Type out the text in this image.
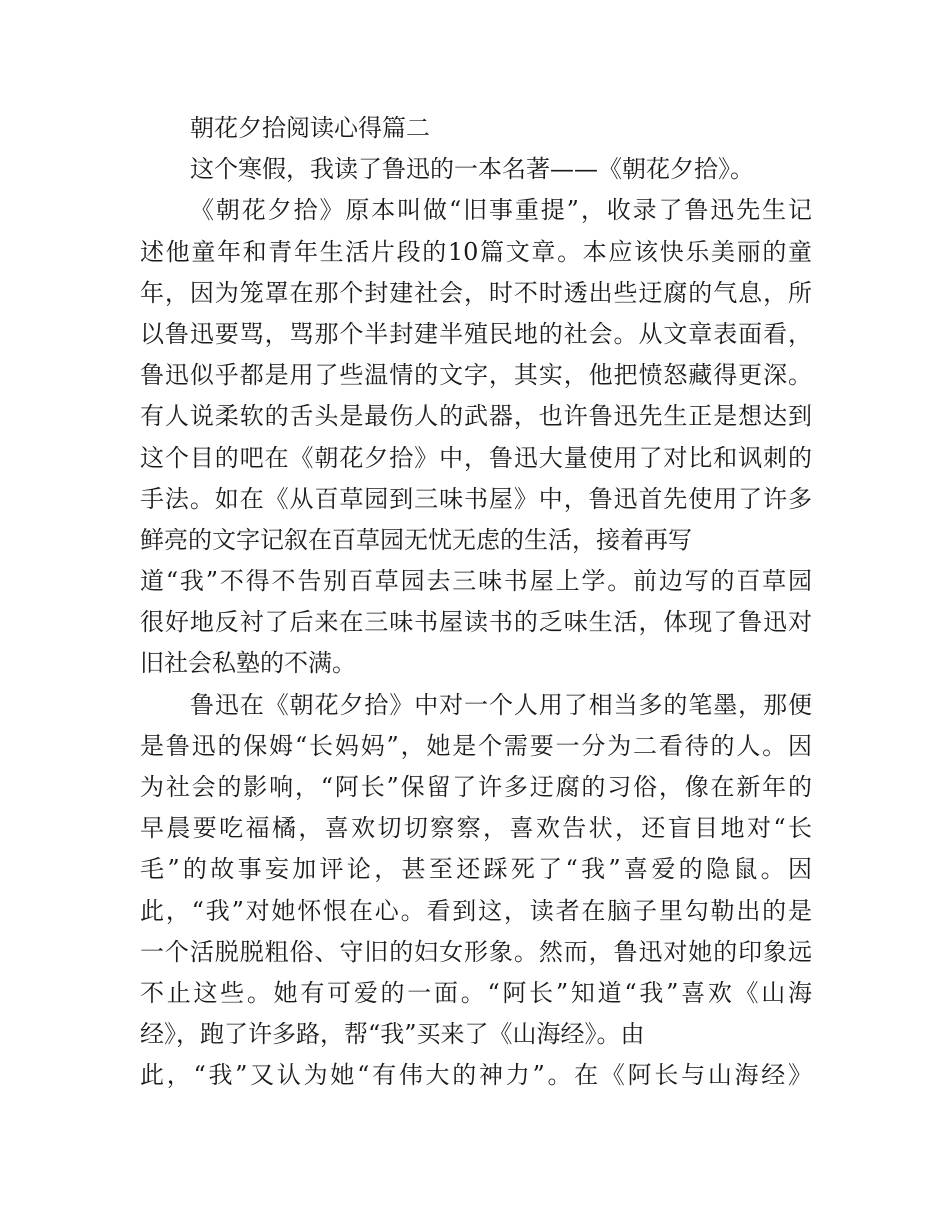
朝花夕拾阅读心得篇二
这个寒假，我读了鲁迅的一本名著——《朝花夕拾》。
《朝花夕拾》原本叫做“旧事重提”，收录了鲁迅先生记
述他童年和青年生活片段的10篇文章。本应该快乐美丽的童
年，因为笼罩在那个封建社会，时不时透出些迂腐的气息，所
以鲁迅要骂，骂那个半封建半殖民地的社会。从文章表面看，
鲁迅似乎都是用了些温情的文字，其实，他把愤怒藏得更深。
有人说柔软的舌头是最伤人的武器，也许鲁迅先生正是想达到
这个目的吧在《朝花夕拾》中，鲁迅大量使用了对比和讽刺的
手法。如在《从百草园到三味书屋》中，鲁迅首先使用了许多
鲜亮的文字记叙在百草园无忧无虑的生活，接着再写
道“我”不得不告别百草园去三味书屋上学。前边写的百草园
很好地反衬了后来在三味书屋读书的乏味生活，体现了鲁迅对
旧社会私塾的不满。
鲁迅在《朝花夕拾》中对一个人用了相当多的笔墨，那便
是鲁迅的保姆“长妈妈”，她是个需要一分为二看待的人。因
为社会的影响，“阿长”保留了许多迂腐的习俗，像在新年的
早晨要吃福橘，喜欢切切察察，喜欢告状，还盲目地对“长
毛”的故事妄加评论，甚至还踩死了“我”喜爱的隐鼠。因
此，“我”对她怀恨在心。看到这，读者在脑子里勾勒出的是
一个活脱脱粗俗、守旧的妇女形象。然而，鲁迅对她的印象远
不止这些。她有可爱的一面。“阿长”知道“我”喜欢《山海
经》，跑了许多路，帮“我”买来了《山海经》。由
此，“我”又认为她“有伟大的神力”。在《阿长与山海经》
